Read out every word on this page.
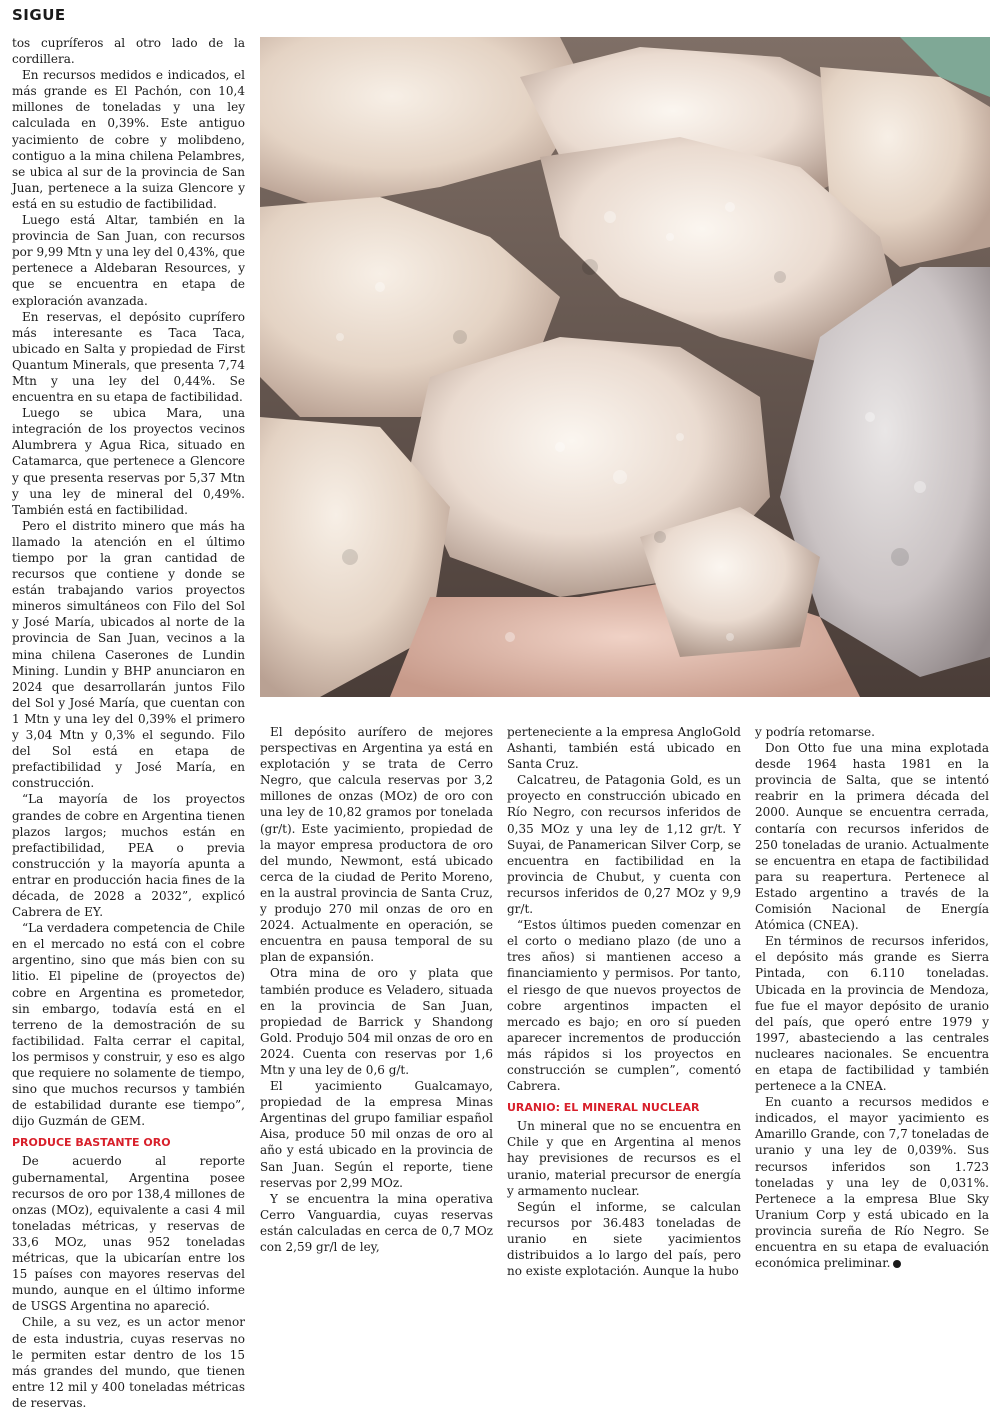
SIGUE

tos cupríferos al otro lado de la cordillera.

En recursos medidos e indicados, el más grande es El Pachón, con 10,4 millones de toneladas y una ley calculada en 0,39%. Este antiguo yacimiento de cobre y molibdeno, contiguo a la mina chilena Pelambres, se ubica al sur de la provincia de San Juan, pertenece a la suiza Glencore y está en su estudio de factibilidad.

Luego está Altar, también en la provincia de San Juan, con recursos por 9,99 Mtn y una ley del 0,43%, que pertenece a Aldebaran Resources, y que se encuentra en etapa de exploración avanzada.

En reservas, el depósito cuprífero más interesante es Taca Taca, ubicado en Salta y propiedad de First Quantum Minerals, que presenta 7,74 Mtn y una ley del 0,44%. Se encuentra en su etapa de factibilidad.

Luego se ubica Mara, una integración de los proyectos vecinos Alumbrera y Agua Rica, situado en Catamarca, que pertenece a Glencore y que presenta reservas por 5,37 Mtn y una ley de mineral del 0,49%. También está en factibilidad.

Pero el distrito minero que más ha llamado la atención en el último tiempo por la gran cantidad de recursos que contiene y donde se están trabajando varios proyectos mineros simultáneos con Filo del Sol y José María, ubicados al norte de la provincia de San Juan, vecinos a la mina chilena Caserones de Lundin Mining. Lundin y BHP anunciaron en 2024 que desarrollarán juntos Filo del Sol y José María, que cuentan con 1 Mtn y una ley del 0,39% el primero y 3,04 Mtn y 0,3% el segundo. Filo del Sol está en etapa de prefactibilidad y José María, en construcción.

“La mayoría de los proyectos grandes de cobre en Argentina tienen plazos largos; muchos están en prefactibilidad, PEA o previa construcción y la mayoría apunta a entrar en producción hacia fines de la década, de 2028 a 2032”, explicó Cabrera de EY.

“La verdadera competencia de Chile en el mercado no está con el cobre argentino, sino que más bien con su litio. El pipeline de (proyectos de) cobre en Argentina es prometedor, sin embargo, todavía está en el terreno de la demostración de su factibilidad. Falta cerrar el capital, los permisos y construir, y eso es algo que requiere no solamente de tiempo, sino que muchos recursos y también de estabilidad durante ese tiempo”, dijo Guzmán de GEM.

PRODUCE BASTANTE ORO

De acuerdo al reporte gubernamental, Argentina posee recursos de oro por 138,4 millones de onzas (MOz), equivalente a casi 4 mil toneladas métricas, y reservas de 33,6 MOz, unas 952 toneladas métricas, que la ubicarían entre los 15 países con mayores reservas del mundo, aunque en el último informe de USGS Argentina no apareció.

Chile, a su vez, es un actor menor de esta industria, cuyas reservas no le permiten estar dentro de los 15 más grandes del mundo, que tienen entre 12 mil y 400 toneladas métricas de reservas.

El depósito aurífero de mejores perspectivas en Argentina ya está en explotación y se trata de Cerro Negro, que calcula reservas por 3,2 millones de onzas (MOz) de oro con una ley de 10,82 gramos por tonelada (gr/t). Este yacimiento, propiedad de la mayor empresa productora de oro del mundo, Newmont, está ubicado cerca de la ciudad de Perito Moreno, en la austral provincia de Santa Cruz, y produjo 270 mil onzas de oro en 2024. Actualmente en operación, se encuentra en pausa temporal de su plan de expansión.

Otra mina de oro y plata que también produce es Veladero, situada en la provincia de San Juan, propiedad de Barrick y Shandong Gold. Produjo 504 mil onzas de oro en 2024. Cuenta con reservas por 1,6 Mtn y una ley de 0,6 g/t.

El yacimiento Gualcamayo, propiedad de la empresa Minas Argentinas del grupo familiar español Aisa, produce 50 mil onzas de oro al año y está ubicado en la provincia de San Juan. Según el reporte, tiene reservas por 2,99 MOz.

Y se encuentra la mina operativa Cerro Vanguardia, cuyas reservas están calculadas en cerca de 0,7 MOz con 2,59 gr/l de ley,

perteneciente a la empresa AngloGold Ashanti, también está ubicado en Santa Cruz.

Calcatreu, de Patagonia Gold, es un proyecto en construcción ubicado en Río Negro, con recursos inferidos de 0,35 MOz y una ley de 1,12 gr/t. Y Suyai, de Panamerican Silver Corp, se encuentra en factibilidad en la provincia de Chubut, y cuenta con recursos inferidos de 0,27 MOz y 9,9 gr/t.

“Estos últimos pueden comenzar en el corto o mediano plazo (de uno a tres años) si mantienen acceso a financiamiento y permisos. Por tanto, el riesgo de que nuevos proyectos de cobre argentinos impacten el mercado es bajo; en oro sí pueden aparecer incrementos de producción más rápidos si los proyectos en construcción se cumplen”, comentó Cabrera.

URANIO: EL MINERAL NUCLEAR

Un mineral que no se encuentra en Chile y que en Argentina al menos hay previsiones de recursos es el uranio, material precursor de energía y armamento nuclear.

Según el informe, se calculan recursos por 36.483 toneladas de uranio en siete yacimientos distribuidos a lo largo del país, pero no existe explotación. Aunque la hubo

y podría retomarse.

Don Otto fue una mina explotada desde 1964 hasta 1981 en la provincia de Salta, que se intentó reabrir en la primera década del 2000. Aunque se encuentra cerrada, contaría con recursos inferidos de 250 toneladas de uranio. Actualmente se encuentra en etapa de factibilidad para su reapertura. Pertenece al Estado argentino a través de la Comisión Nacional de Energía Atómica (CNEA).

En términos de recursos inferidos, el depósito más grande es Sierra Pintada, con 6.110 toneladas. Ubicada en la provincia de Mendoza, fue fue el mayor depósito de uranio del país, que operó entre 1979 y 1997, abasteciendo a las centrales nucleares nacionales. Se encuentra en etapa de factibilidad y también pertenece a la CNEA.

En cuanto a recursos medidos e indicados, el mayor yacimiento es Amarillo Grande, con 7,7 toneladas de uranio y una ley de 0,039%. Sus recursos inferidos son 1.723 toneladas y una ley de 0,031%. Pertenece a la empresa Blue Sky Uranium Corp y está ubicado en la provincia sureña de Río Negro. Se encuentra en su etapa de evaluación económica preliminar.
